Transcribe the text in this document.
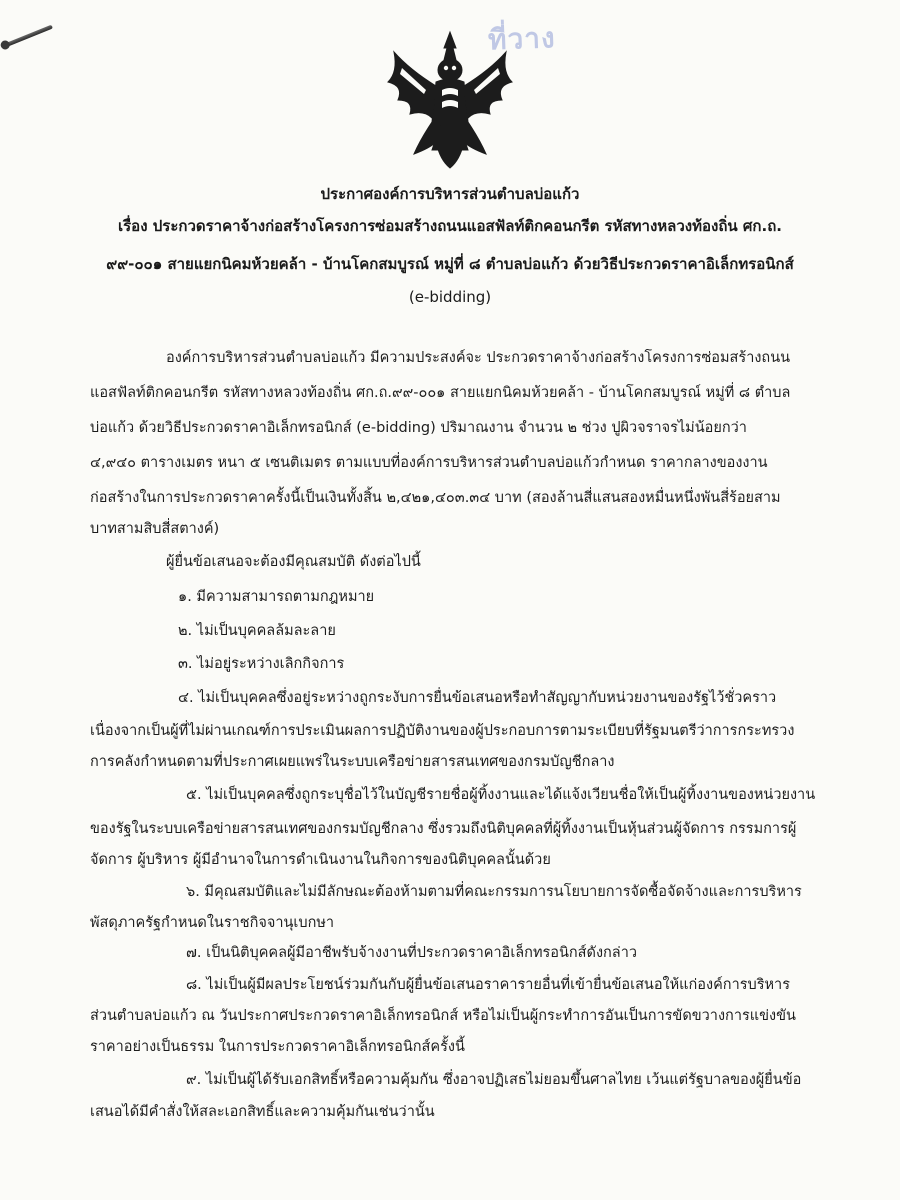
ที่วาง
ประกาศองค์การบริหารส่วนตำบลบ่อแก้ว
เรื่อง ประกวดราคาจ้างก่อสร้างโครงการซ่อมสร้างถนนแอสฟัลท์ติกคอนกรีต รหัสทางหลวงท้องถิ่น ศก.ถ.
๙๙-๐๐๑ สายแยกนิคมห้วยคล้า - บ้านโคกสมบูรณ์ หมู่ที่ ๘ ตำบลบ่อแก้ว ด้วยวิธีประกวดราคาอิเล็กทรอนิกส์
(e-bidding)
องค์การบริหารส่วนตำบลบ่อแก้ว มีความประสงค์จะ ประกวดราคาจ้างก่อสร้างโครงการซ่อมสร้างถนน
แอสฟัลท์ติกคอนกรีต รหัสทางหลวงท้องถิ่น ศก.ถ.๙๙-๐๐๑ สายแยกนิคมห้วยคล้า - บ้านโคกสมบูรณ์ หมู่ที่ ๘ ตำบล
บ่อแก้ว ด้วยวิธีประกวดราคาอิเล็กทรอนิกส์ (e-bidding) ปริมาณงาน จำนวน ๒ ช่วง ปูผิวจราจรไม่น้อยกว่า
๔,๙๔๐ ตารางเมตร หนา ๕ เซนติเมตร ตามแบบที่องค์การบริหารส่วนตำบลบ่อแก้วกำหนด ราคากลางของงาน
ก่อสร้างในการประกวดราคาครั้งนี้เป็นเงินทั้งสิ้น ๒,๔๒๑,๔๐๓.๓๔ บาท (สองล้านสี่แสนสองหมื่นหนึ่งพันสี่ร้อยสาม
บาทสามสิบสี่สตางค์)
ผู้ยื่นข้อเสนอจะต้องมีคุณสมบัติ ดังต่อไปนี้
๑. มีความสามารถตามกฎหมาย
๒. ไม่เป็นบุคคลล้มละลาย
๓. ไม่อยู่ระหว่างเลิกกิจการ
๔. ไม่เป็นบุคคลซึ่งอยู่ระหว่างถูกระงับการยื่นข้อเสนอหรือทำสัญญากับหน่วยงานของรัฐไว้ชั่วคราว
เนื่องจากเป็นผู้ที่ไม่ผ่านเกณฑ์การประเมินผลการปฏิบัติงานของผู้ประกอบการตามระเบียบที่รัฐมนตรีว่าการกระทรวง
การคลังกำหนดตามที่ประกาศเผยแพร่ในระบบเครือข่ายสารสนเทศของกรมบัญชีกลาง
๕. ไม่เป็นบุคคลซึ่งถูกระบุชื่อไว้ในบัญชีรายชื่อผู้ทิ้งงานและได้แจ้งเวียนชื่อให้เป็นผู้ทิ้งงานของหน่วยงาน
ของรัฐในระบบเครือข่ายสารสนเทศของกรมบัญชีกลาง ซึ่งรวมถึงนิติบุคคลที่ผู้ทิ้งงานเป็นหุ้นส่วนผู้จัดการ กรรมการผู้
จัดการ ผู้บริหาร ผู้มีอำนาจในการดำเนินงานในกิจการของนิติบุคคลนั้นด้วย
๖. มีคุณสมบัติและไม่มีลักษณะต้องห้ามตามที่คณะกรรมการนโยบายการจัดซื้อจัดจ้างและการบริหาร
พัสดุภาครัฐกำหนดในราชกิจจานุเบกษา
๗. เป็นนิติบุคคลผู้มีอาชีพรับจ้างงานที่ประกวดราคาอิเล็กทรอนิกส์ดังกล่าว
๘. ไม่เป็นผู้มีผลประโยชน์ร่วมกันกับผู้ยื่นข้อเสนอราคารายอื่นที่เข้ายื่นข้อเสนอให้แก่องค์การบริหาร
ส่วนตำบลบ่อแก้ว ณ วันประกาศประกวดราคาอิเล็กทรอนิกส์ หรือไม่เป็นผู้กระทำการอันเป็นการขัดขวางการแข่งขัน
ราคาอย่างเป็นธรรม ในการประกวดราคาอิเล็กทรอนิกส์ครั้งนี้
๙. ไม่เป็นผู้ได้รับเอกสิทธิ์หรือความคุ้มกัน ซึ่งอาจปฏิเสธไม่ยอมขึ้นศาลไทย เว้นแต่รัฐบาลของผู้ยื่นข้อ
เสนอได้มีคำสั่งให้สละเอกสิทธิ์และความคุ้มกันเช่นว่านั้น
